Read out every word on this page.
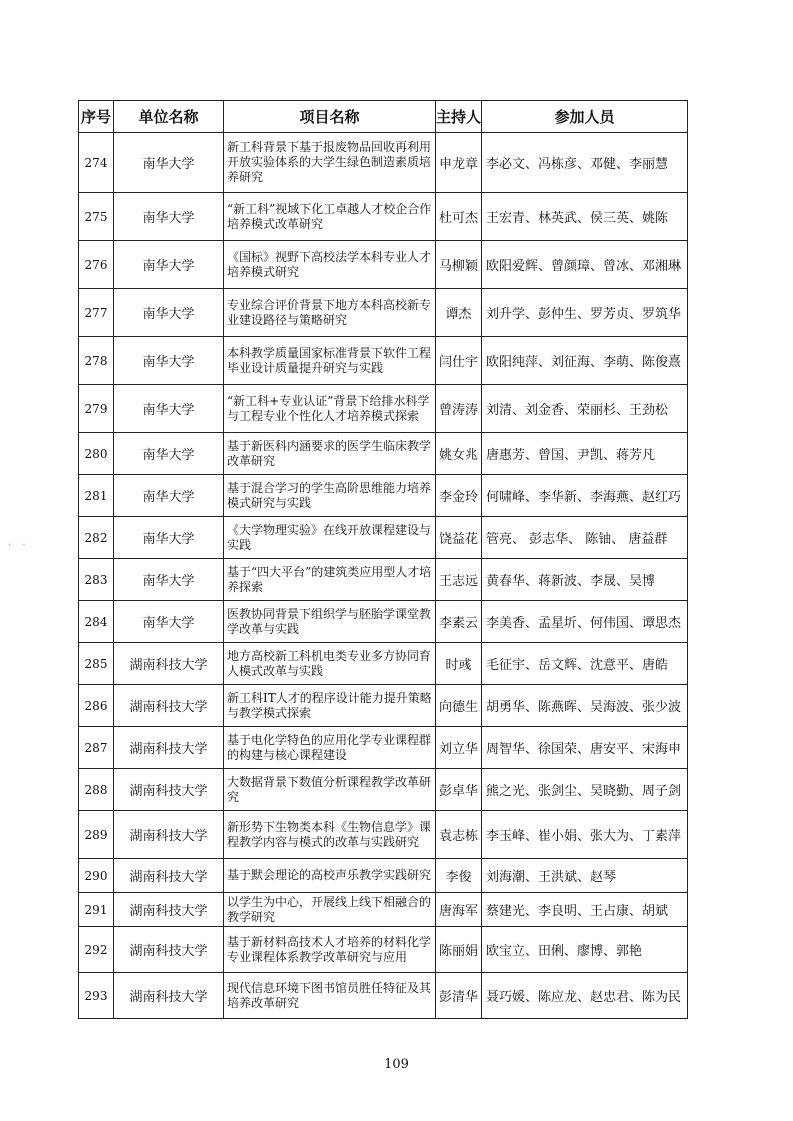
· ·
序号	单位名称	项目名称	主持人	参加人员
274	南华大学	新工科背景下基于报废物品回收再利用开放实验体系的大学生绿色制造素质培养研究	申龙章	李必文、冯栋彦、邓健、李丽慧
275	南华大学	“新工科”视域下化工卓越人才校企合作培养模式改革研究	杜可杰	王宏青、林英武、侯三英、姚陈
276	南华大学	《国标》视野下高校法学本科专业人才培养模式研究	马柳颖	欧阳爱辉、曾颜璋、曾冰、邓湘琳
277	南华大学	专业综合评价背景下地方本科高校新专业建设路径与策略研究	谭杰	刘升学、彭仲生、罗芳贞、罗筑华
278	南华大学	本科教学质量国家标准背景下软件工程毕业设计质量提升研究与实践	闫仕宇	欧阳纯萍、刘征海、李萌、陈俊熹
279	南华大学	“新工科+专业认证”背景下给排水科学与工程专业个性化人才培养模式探索	曾涛涛	刘清、刘金香、荣丽杉、王劲松
280	南华大学	基于新医科内涵要求的医学生临床教学改革研究	姚女兆	唐惠芳、曾国、尹凯、蒋芳凡
281	南华大学	基于混合学习的学生高阶思维能力培养模式研究与实践	李金玲	何啸峰、李华新、李海燕、赵红巧
282	南华大学	《大学物理实验》在线开放课程建设与实践	饶益花	管亮、 彭志华、 陈铀、 唐益群
283	南华大学	基于“四大平台”的建筑类应用型人才培养探索	王志远	黄春华、蒋新波、李晟、吴博
284	南华大学	医教协同背景下组织学与胚胎学课堂教学改革与实践	李素云	李美香、孟星圻、何伟国、谭思杰
285	湖南科技大学	地方高校新工科机电类专业多方协同育人模式改革与实践	时彧	毛征宇、岳文辉、沈意平、唐皓
286	湖南科技大学	新工科IT人才的程序设计能力提升策略与教学模式探索	向德生	胡勇华、陈燕晖、吴海波、张少波
287	湖南科技大学	基于电化学特色的应用化学专业课程群的构建与核心课程建设	刘立华	周智华、徐国荣、唐安平、宋海申
288	湖南科技大学	大数据背景下数值分析课程教学改革研究	彭卓华	熊之光、张剑尘、吴晓勤、周子剑
289	湖南科技大学	新形势下生物类本科《生物信息学》课程教学内容与模式的改革与实践研究	袁志栋	李玉峰、崔小娟、张大为、丁素萍
290	湖南科技大学	基于默会理论的高校声乐教学实践研究	李俊	刘海潮、王洪斌、赵琴
291	湖南科技大学	以学生为中心，开展线上线下相融合的教学研究	唐海军	蔡建光、李良明、王占康、胡斌
292	湖南科技大学	基于新材料高技术人才培养的材料化学专业课程体系教学改革研究与应用	陈丽娟	欧宝立、田俐、廖博、郭艳
293	湖南科技大学	现代信息环境下图书馆员胜任特征及其培养改革研究	彭清华	聂巧媛、陈应龙、赵忠君、陈为民
109
